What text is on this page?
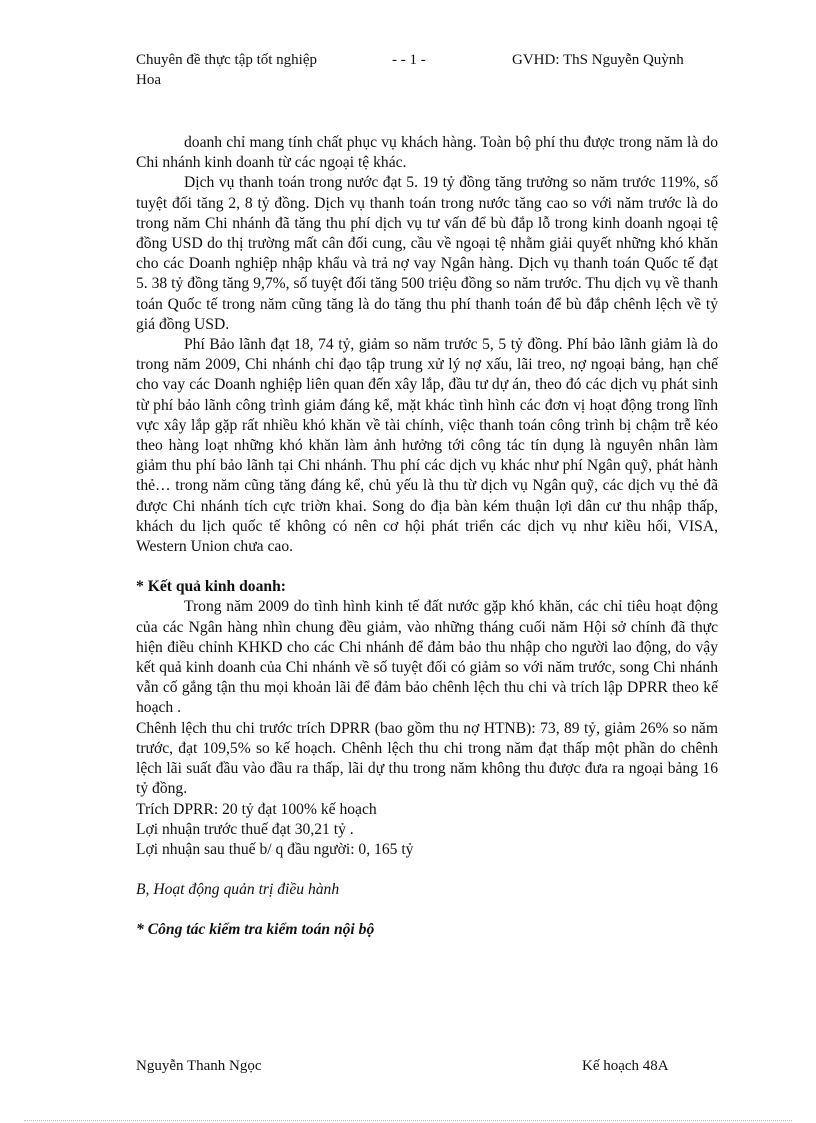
Chuyên đề thực tập tốt nghiệp
Hoa
- - 1 -	GVHD: ThS Nguyễn Quỳnh

doanh chỉ mang tính chất phục vụ khách hàng. Toàn bộ phí thu được trong năm là do Chi nhánh kinh doanh từ các ngoại tệ khác.

Dịch vụ thanh toán trong nước đạt 5. 19 tỷ đồng tăng trưởng so năm trước 119%, số tuyệt đối tăng 2, 8 tỷ đồng. Dịch vụ thanh toán trong nước tăng cao so với năm trước là do trong năm Chi nhánh đã tăng thu phí dịch vụ tư vấn để bù đắp lỗ trong kinh doanh ngoại tệ đồng USD do thị trường mất cân đối cung, cầu về ngoại tệ nhằm giải quyết những khó khăn cho các Doanh nghiệp nhập khẩu và trả nợ vay Ngân hàng. Dịch vụ thanh toán Quốc tế đạt 5. 38 tỷ đồng tăng 9,7%, số tuyệt đối tăng 500 triệu đồng so năm trước. Thu dịch vụ về thanh toán Quốc tế trong năm cũng tăng là do tăng thu phí thanh toán để bù đắp chênh lệch về tỷ giá đồng USD.

Phí Bảo lãnh đạt 18, 74 tỷ, giảm so năm trước 5, 5 tỷ đồng. Phí bảo lãnh giảm là do trong năm 2009, Chi nhánh chỉ đạo tập trung xử lý nợ xấu, lãi treo, nợ ngoại bảng, hạn chế cho vay các Doanh nghiệp liên quan đến xây lắp, đầu tư dự án, theo đó các dịch vụ phát sinh từ phí bảo lãnh công trình giảm đáng kể, mặt khác tình hình các đơn vị hoạt động trong lĩnh vực xây lắp gặp rất nhiều khó khăn về tài chính, việc thanh toán công trình bị chậm trễ kéo theo hàng loạt những khó khăn làm ảnh hưởng tới công tác tín dụng là nguyên nhân làm giảm thu phí bảo lãnh tại Chi nhánh. Thu phí các dịch vụ khác như phí Ngân quỹ, phát hành thẻ… trong năm cũng tăng đáng kể, chủ yếu là thu từ dịch vụ Ngân quỹ, các dịch vụ thẻ đã được Chi nhánh tích cực triờn khai. Song do địa bàn kém thuận lợi dân cư thu nhập thấp, khách du lịch quốc tế không có nên cơ hội phát triển các dịch vụ như kiều hối, VISA, Western Union chưa cao.

* Kết quả kinh doanh:

Trong năm 2009 do tình hình kinh tế đất nước gặp khó khăn, các chỉ tiêu hoạt động của các Ngân hàng nhìn chung đều giảm, vào những tháng cuối năm Hội sở chính đã thực hiện điều chỉnh KHKD cho các Chi nhánh để đảm bảo thu nhập cho người lao động, do vậy kết quả kinh doanh của Chi nhánh về số tuyệt đối có giảm so với năm trước, song Chi nhánh vẫn cố gắng tận thu mọi khoản lãi để đảm bảo chênh lệch thu chi và trích lập DPRR theo kế hoạch .

Chênh lệch thu chi trước trích DPRR (bao gồm thu nợ HTNB): 73, 89 tỷ, giảm 26% so năm trước, đạt 109,5% so kế hoạch. Chênh lệch thu chi trong năm đạt thấp một phần do chênh lệch lãi suất đầu vào đầu ra thấp, lãi dự thu trong năm không thu được đưa ra ngoại bảng 16 tỷ đồng.

Trích DPRR: 20 tỷ đạt 100% kế hoạch

Lợi nhuận trước thuế đạt 30,21 tỷ .

Lợi nhuận sau thuế b/ q đầu người: 0, 165 tỷ

B, Hoạt động quản trị điều hành

* Công tác kiểm tra kiểm toán nội bộ

Nguyễn Thanh Ngọc	Kế hoạch 48A
